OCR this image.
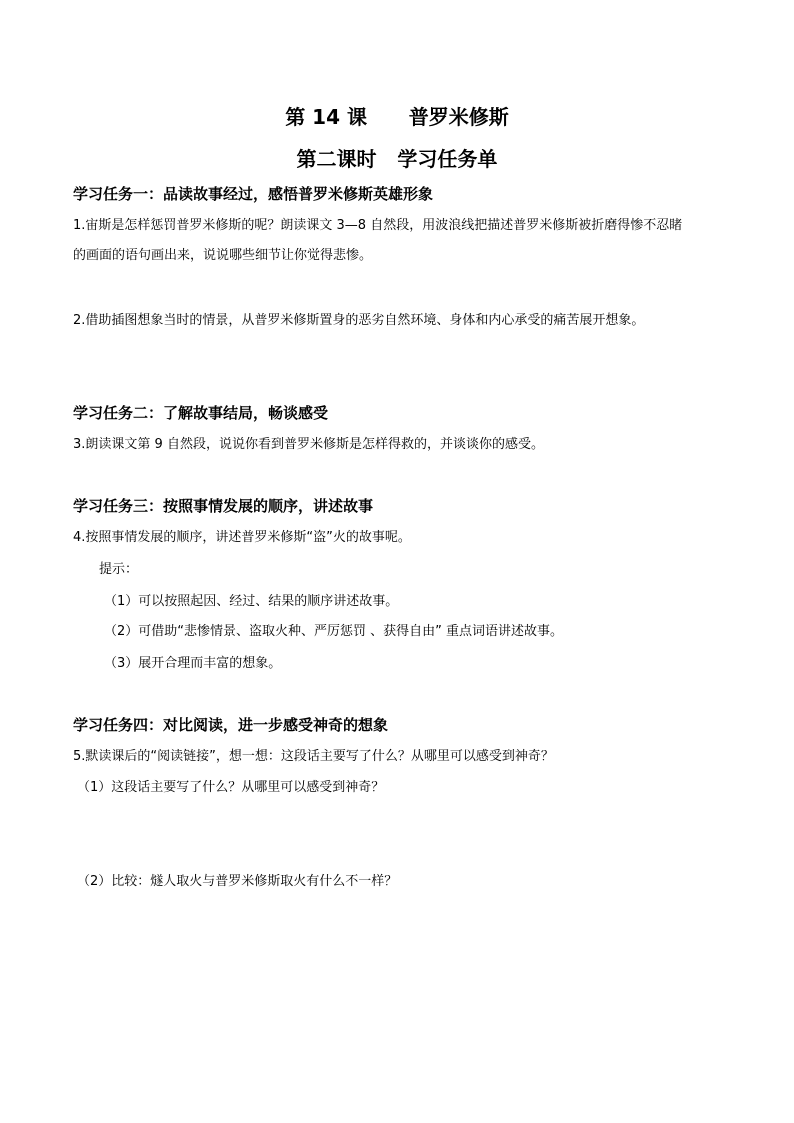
第 14 课      普罗米修斯
第二课时   学习任务单
学习任务一：品读故事经过，感悟普罗米修斯英雄形象
1.宙斯是怎样惩罚普罗米修斯的呢？朗读课文 3—8 自然段，用波浪线把描述普罗米修斯被折磨得惨不忍睹
的画面的语句画出来，说说哪些细节让你觉得悲惨。
2.借助插图想象当时的情景，从普罗米修斯置身的恶劣自然环境、身体和内心承受的痛苦展开想象。
学习任务二：了解故事结局，畅谈感受
3.朗读课文第 9 自然段，说说你看到普罗米修斯是怎样得救的，并谈谈你的感受。
学习任务三：按照事情发展的顺序，讲述故事
4.按照事情发展的顺序，讲述普罗米修斯“盗”火的故事呢。
提示：
（1）可以按照起因、经过、结果的顺序讲述故事。
（2）可借助“悲惨情景、盗取火种、严厉惩罚 、获得自由” 重点词语讲述故事。
（3）展开合理而丰富的想象。
学习任务四：对比阅读，进一步感受神奇的想象
5.默读课后的“阅读链接”，想一想：这段话主要写了什么？从哪里可以感受到神奇？
（1）这段话主要写了什么？从哪里可以感受到神奇？
（2）比较：燧人取火与普罗米修斯取火有什么不一样？
